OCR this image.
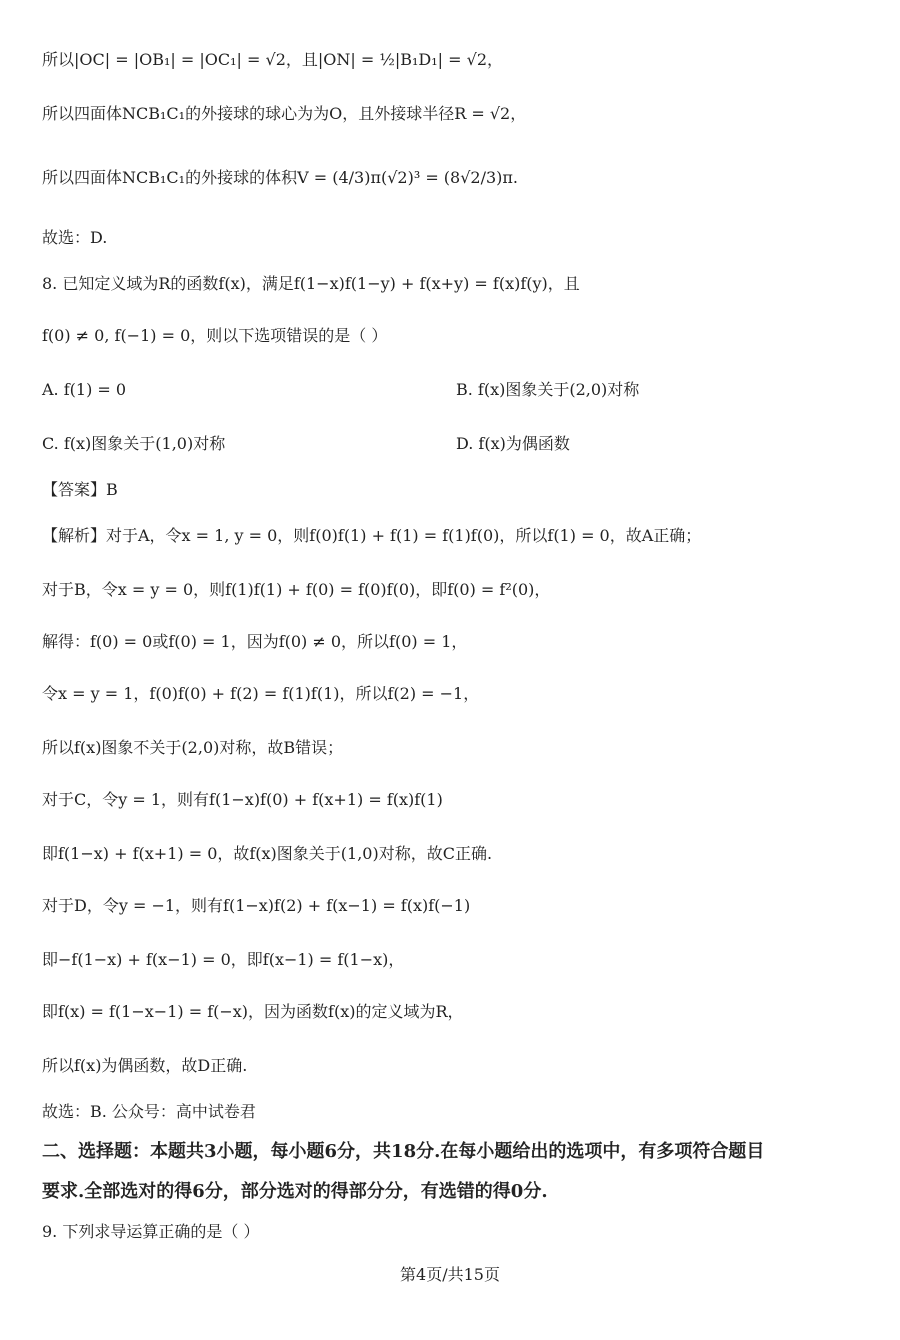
所以|OC| = |OB₁| = |OC₁| = √2，且|ON| = ½|B₁D₁| = √2，
所以四面体NCB₁C₁的外接球的球心为为O，且外接球半径R = √2，
所以四面体NCB₁C₁的外接球的体积V = (4/3)π(√2)³ = (8√2/3)π.
故选：D.
8. 已知定义域为R的函数f(x)，满足f(1−x)f(1−y) + f(x+y) = f(x)f(y)，且
f(0) ≠ 0, f(−1) = 0，则以下选项错误的是（ ）
【答案】B
【解析】对于A，令x = 1, y = 0，则f(0)f(1) + f(1) = f(1)f(0)，所以f(1) = 0，故A正确；
对于B，令x = y = 0，则f(1)f(1) + f(0) = f(0)f(0)，即f(0) = f²(0)，
解得：f(0) = 0或f(0) = 1，因为f(0) ≠ 0，所以f(0) = 1，
令x = y = 1，f(0)f(0) + f(2) = f(1)f(1)，所以f(2) = −1，
所以f(x)图象不关于(2,0)对称，故B错误；
对于C，令y = 1，则有f(1−x)f(0) + f(x+1) = f(x)f(1)
即f(1−x) + f(x+1) = 0，故f(x)图象关于(1,0)对称，故C正确.
对于D，令y = −1，则有f(1−x)f(2) + f(x−1) = f(x)f(−1)
即−f(1−x) + f(x−1) = 0，即f(x−1) = f(1−x)，
即f(x) = f(1−x−1) = f(−x)，因为函数f(x)的定义域为R，
所以f(x)为偶函数，故D正确.
故选：B. 公众号：高中试卷君
9. 下列求导运算正确的是（ ）
A. f(1) = 0	B. f(x)图象关于(2,0)对称
C. f(x)图象关于(1,0)对称	D. f(x)为偶函数
二、选择题：本题共3小题，每小题6分，共18分.在每小题给出的选项中，有多项符合题目
要求.全部选对的得6分，部分选对的得部分分，有选错的得0分.
第4页/共15页
